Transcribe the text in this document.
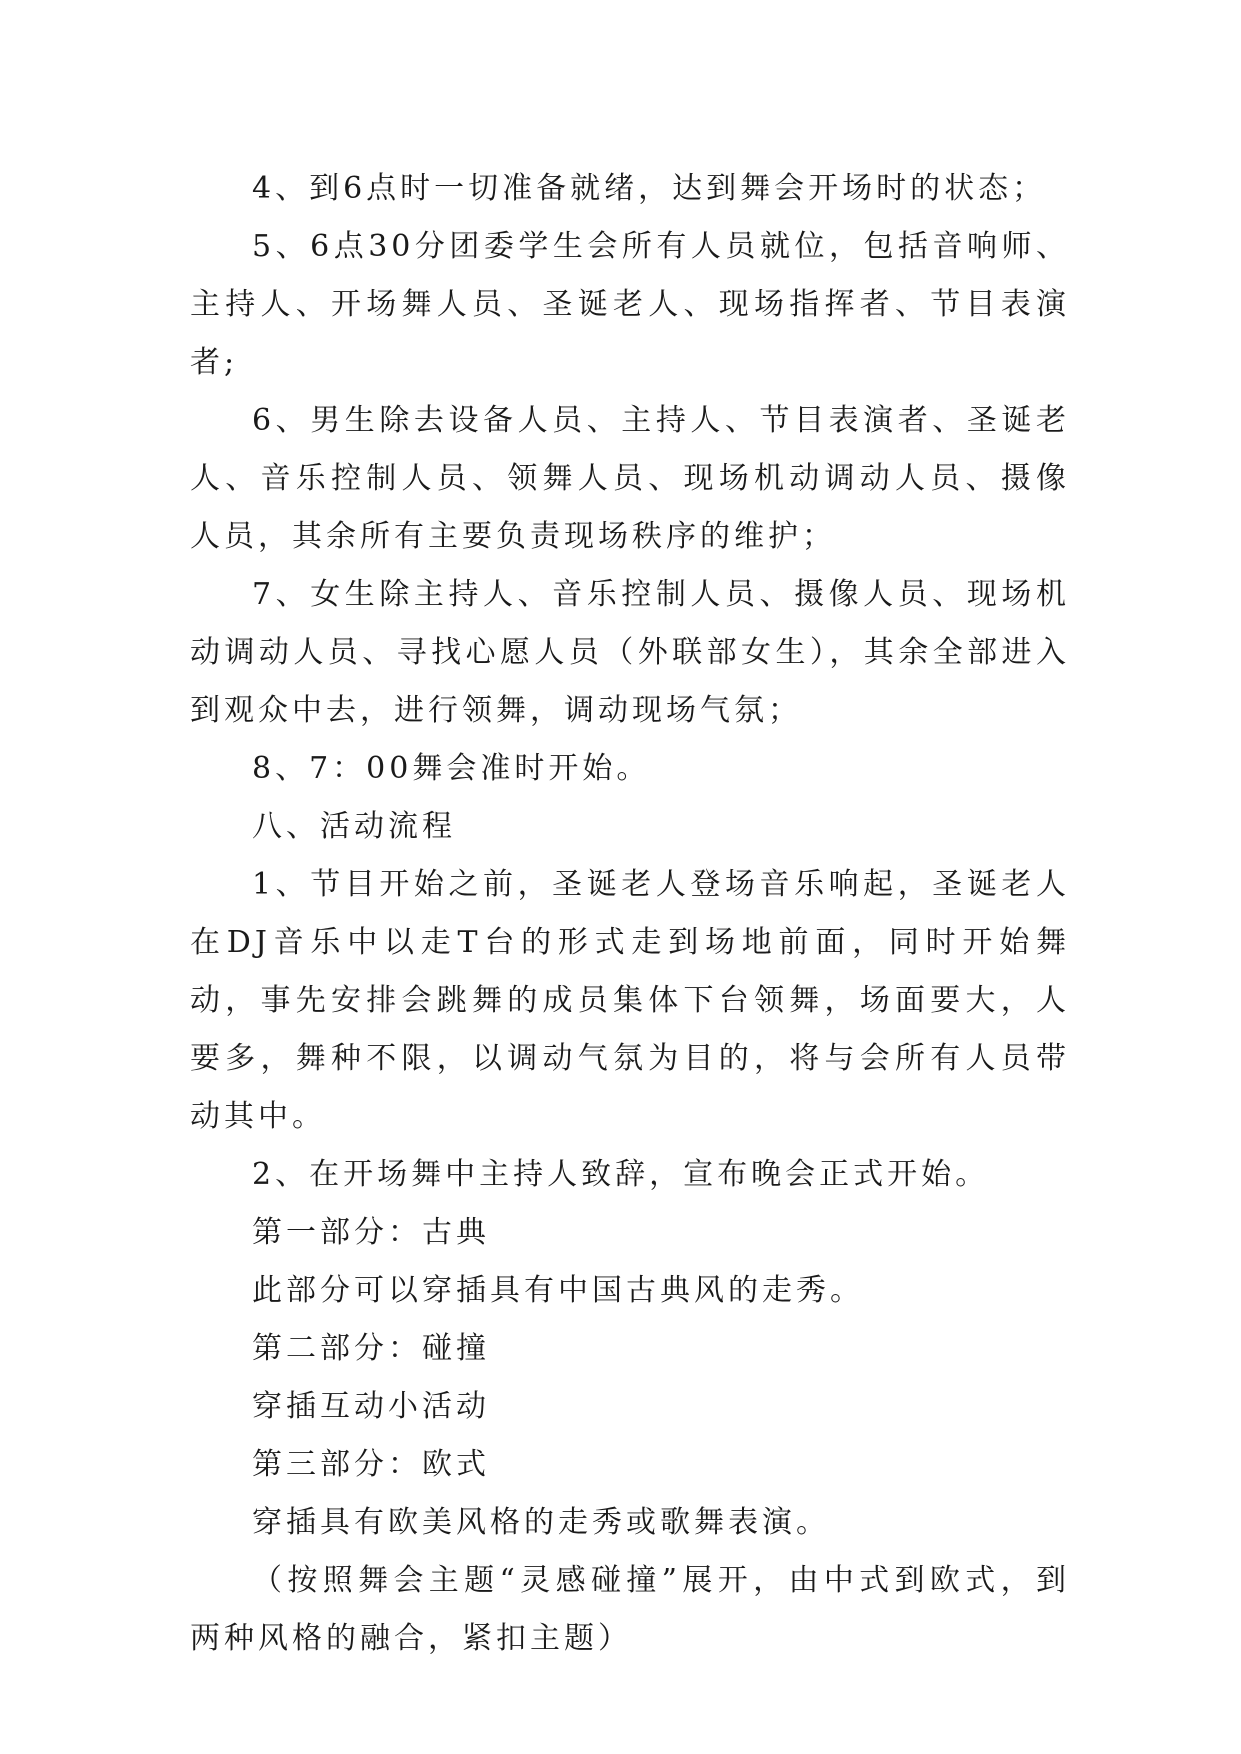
4、到6点时一切准备就绪，达到舞会开场时的状态；

5、6点30分团委学生会所有人员就位，包括音响师、主持人、开场舞人员、圣诞老人、现场指挥者、节目表演者;

6、男生除去设备人员、主持人、节目表演者、圣诞老人、音乐控制人员、领舞人员、现场机动调动人员、摄像人员，其余所有主要负责现场秩序的维护；

7、女生除主持人、音乐控制人员、摄像人员、现场机动调动人员、寻找心愿人员（外联部女生），其余全部进入到观众中去，进行领舞，调动现场气氛；

8、7：00舞会准时开始。

八、活动流程

1、节目开始之前，圣诞老人登场音乐响起，圣诞老人在DJ音乐中以走T台的形式走到场地前面，同时开始舞动，事先安排会跳舞的成员集体下台领舞，场面要大，人要多，舞种不限，以调动气氛为目的，将与会所有人员带动其中。

2、在开场舞中主持人致辞，宣布晚会正式开始。

第一部分：古典

此部分可以穿插具有中国古典风的走秀。

第二部分：碰撞

穿插互动小活动

第三部分：欧式

穿插具有欧美风格的走秀或歌舞表演。

（按照舞会主题“灵感碰撞”展开，由中式到欧式，到两种风格的融合，紧扣主题）
